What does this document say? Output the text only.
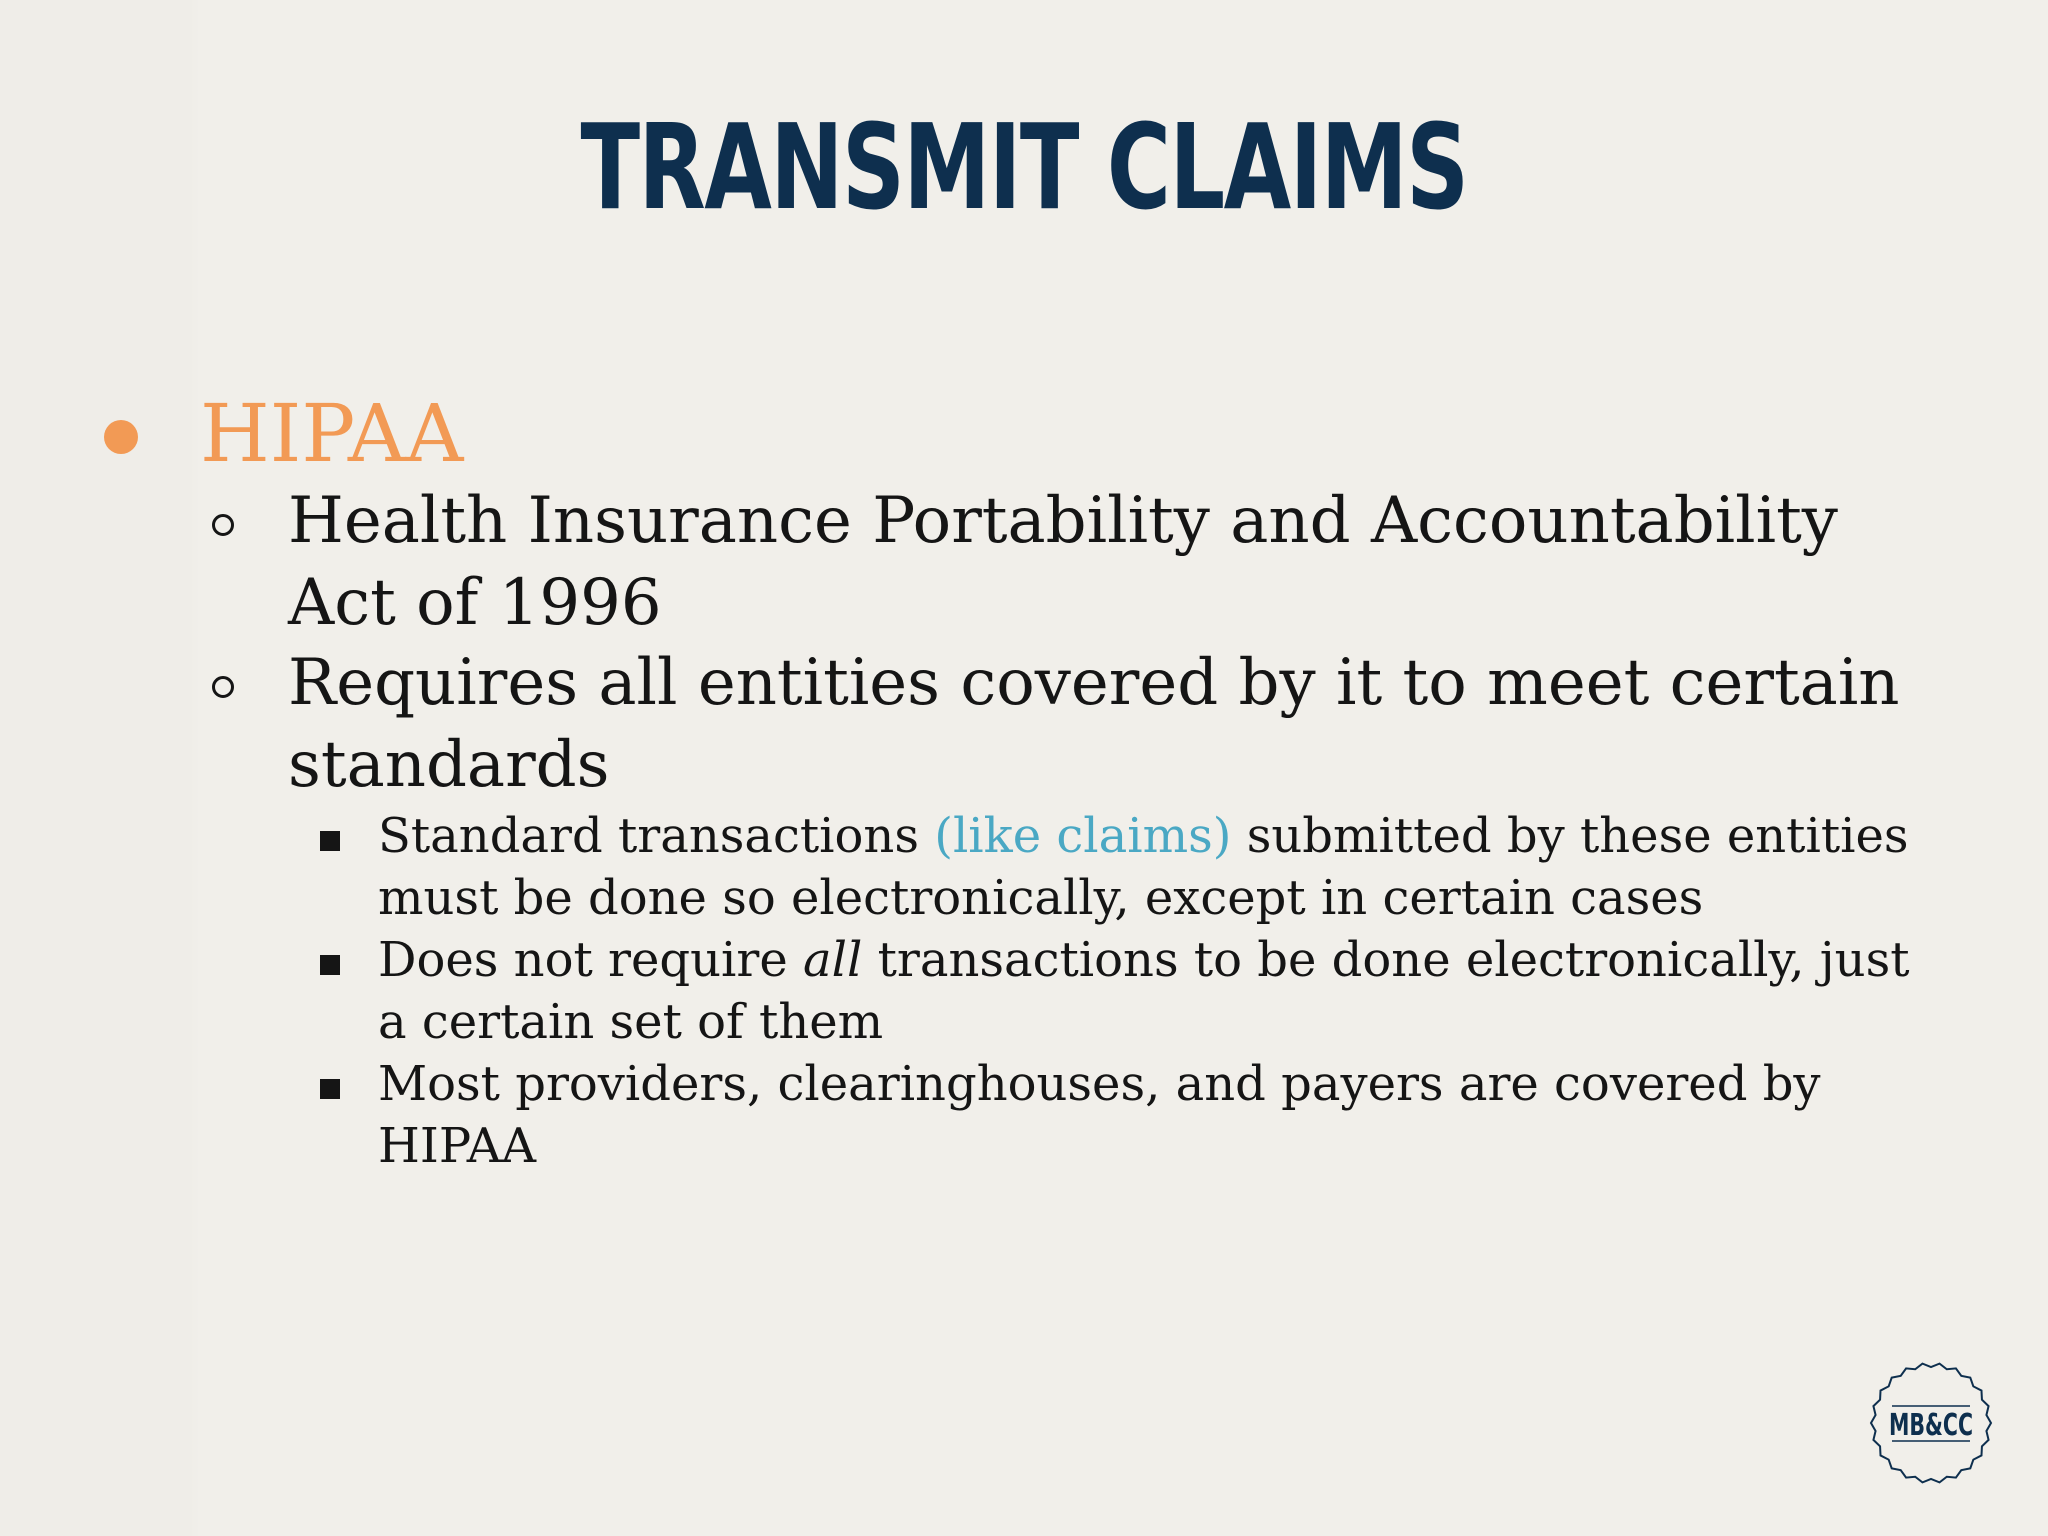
TRANSMIT CLAIMS
HIPAA
Health Insurance Portability and Accountability
Act of 1996
Requires all entities covered by it to meet certain
standards
Standard transactions (like claims) submitted by these entities
must be done so electronically, except in certain cases
Does not require all transactions to be done electronically, just
a certain set of them
Most providers, clearinghouses, and payers are covered by
HIPAA
MB&CC
